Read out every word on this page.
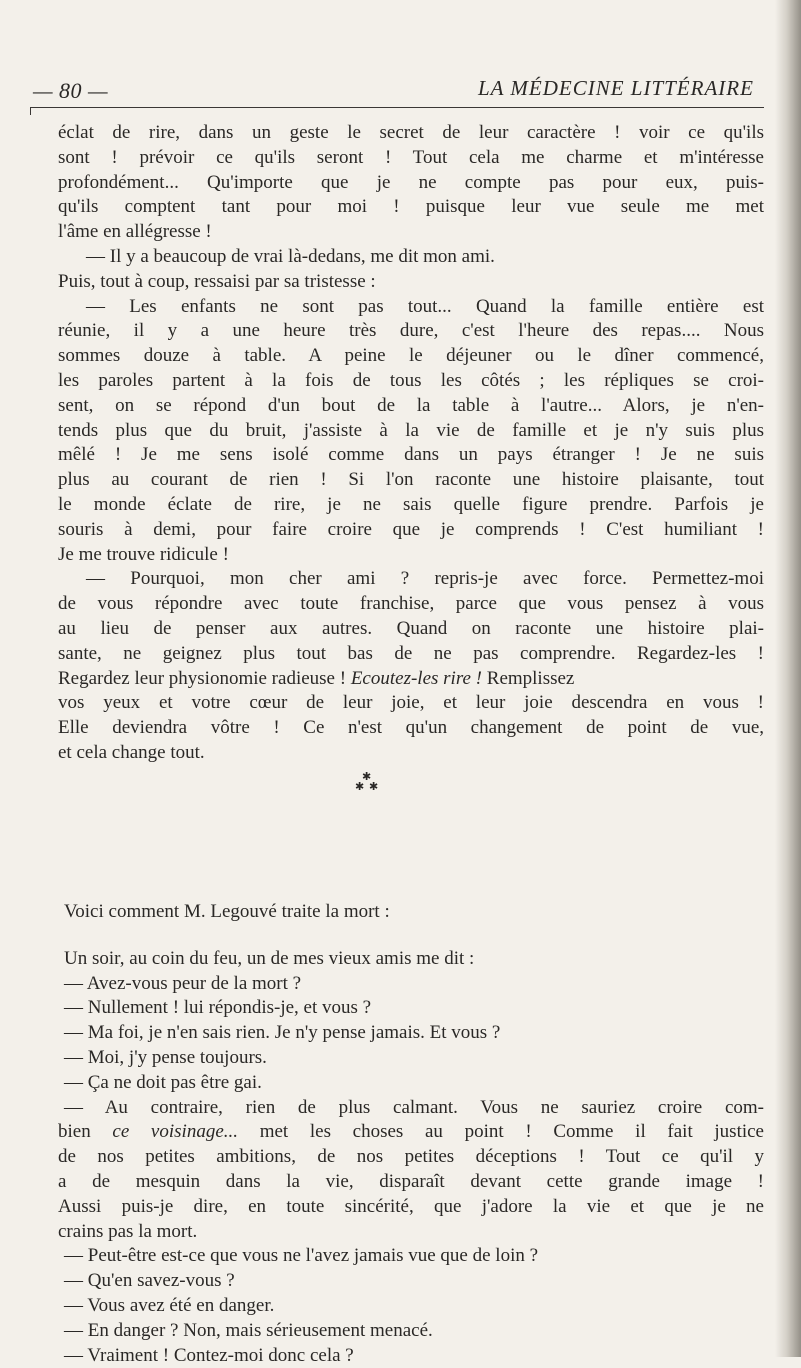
— 80 —	LA MÉDECINE LITTÉRAIRE
éclat de rire, dans un geste le secret de leur caractère ! voir ce qu'ils
sont ! prévoir ce qu'ils seront ! Tout cela me charme et m'intéresse
profondément... Qu'importe que je ne compte pas pour eux, puis-
qu'ils comptent tant pour moi ! puisque leur vue seule me met
l'âme en allégresse !
— Il y a beaucoup de vrai là-dedans, me dit mon ami.
Puis, tout à coup, ressaisi par sa tristesse :
— Les enfants ne sont pas tout... Quand la famille entière est
réunie, il y a une heure très dure, c'est l'heure des repas.... Nous
sommes douze à table. A peine le déjeuner ou le dîner commencé,
les paroles partent à la fois de tous les côtés ; les répliques se croi-
sent, on se répond d'un bout de la table à l'autre... Alors, je n'en-
tends plus que du bruit, j'assiste à la vie de famille et je n'y suis plus
mêlé ! Je me sens isolé comme dans un pays étranger ! Je ne suis
plus au courant de rien ! Si l'on raconte une histoire plaisante, tout
le monde éclate de rire, je ne sais quelle figure prendre. Parfois je
souris à demi, pour faire croire que je comprends ! C'est humiliant !
Je me trouve ridicule !
— Pourquoi, mon cher ami ? repris-je avec force. Permettez-moi
de vous répondre avec toute franchise, parce que vous pensez à vous
au lieu de penser aux autres. Quand on raconte une histoire plai-
sante, ne geignez plus tout bas de ne pas comprendre. Regardez-les !
Regardez leur physionomie radieuse ! Ecoutez-les rire ! Remplissez
vos yeux et votre cœur de leur joie, et leur joie descendra en vous !
Elle deviendra vôtre ! Ce n'est qu'un changement de point de vue,
et cela change tout.
✱
✱ ✱
Voici comment M. Legouvé traite la mort :
Un soir, au coin du feu, un de mes vieux amis me dit :
— Avez-vous peur de la mort ?
— Nullement ! lui répondis-je, et vous ?
— Ma foi, je n'en sais rien. Je n'y pense jamais. Et vous ?
— Moi, j'y pense toujours.
— Ça ne doit pas être gai.
— Au contraire, rien de plus calmant. Vous ne sauriez croire com-
bien ce voisinage... met les choses au point ! Comme il fait justice
de nos petites ambitions, de nos petites déceptions ! Tout ce qu'il y
a de mesquin dans la vie, disparaît devant cette grande image !
Aussi puis-je dire, en toute sincérité, que j'adore la vie et que je ne
crains pas la mort.
— Peut-être est-ce que vous ne l'avez jamais vue que de loin ?
— Qu'en savez-vous ?
— Vous avez été en danger.
— En danger ? Non, mais sérieusement menacé.
— Vraiment ! Contez-moi donc cela ?
